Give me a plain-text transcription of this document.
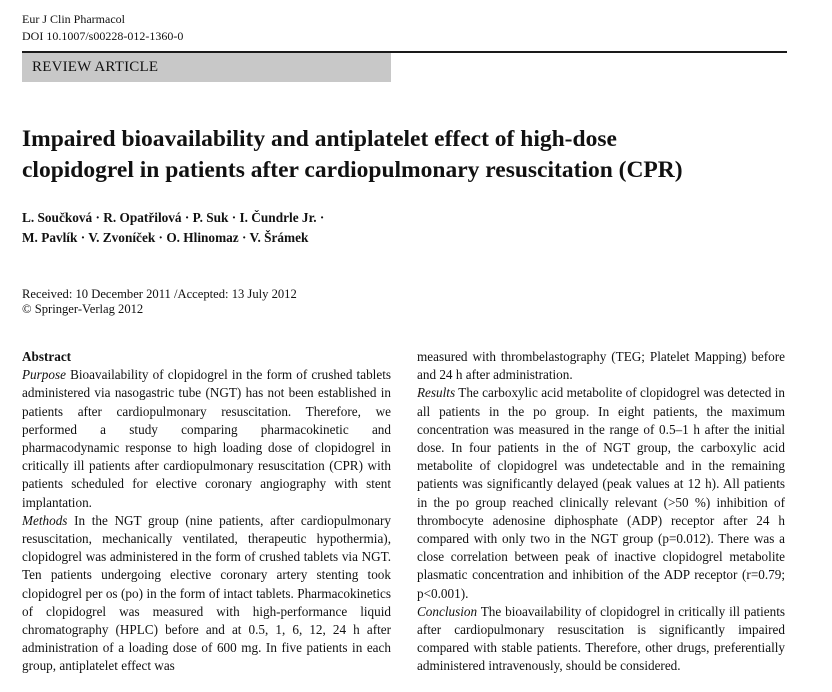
Eur J Clin Pharmacol
DOI 10.1007/s00228-012-1360-0
REVIEW ARTICLE
Impaired bioavailability and antiplatelet effect of high-dose
clopidogrel in patients after cardiopulmonary resuscitation (CPR)
L. Součková · R. Opatřilová · P. Suk · I. Čundrle Jr. ·
M. Pavlík · V. Zvoníček · O. Hlinomaz · V. Šrámek
Received: 10 December 2011 /Accepted: 13 July 2012
© Springer-Verlag 2012

Abstract

Purpose Bioavailability of clopidogrel in the form of crushed tablets administered via nasogastric tube (NGT) has not been established in patients after cardiopulmonary resuscitation. Therefore, we performed a study comparing pharmacokinetic and pharmacodynamic response to high loading dose of clopidogrel in critically ill patients after cardiopulmonary resuscitation (CPR) with patients scheduled for elective coronary angiography with stent implantation.

Methods In the NGT group (nine patients, after cardiopulmonary resuscitation, mechanically ventilated, therapeutic hypothermia), clopidogrel was administered in the form of crushed tablets via NGT. Ten patients undergoing elective coronary artery stenting took clopidogrel per os (po) in the form of intact tablets. Pharmacokinetics of clopidogrel was measured with high-performance liquid chromatography (HPLC) before and at 0.5, 1, 6, 12, 24 h after administration of a loading dose of 600 mg. In five patients in each group, antiplatelet effect was

measured with thrombelastography (TEG; Platelet Mapping) before and 24 h after administration.

Results The carboxylic acid metabolite of clopidogrel was detected in all patients in the po group. In eight patients, the maximum concentration was measured in the range of 0.5–1 h after the initial dose. In four patients in the of NGT group, the carboxylic acid metabolite of clopidogrel was undetectable and in the remaining patients was significantly delayed (peak values at 12 h). All patients in the po group reached clinically relevant (>50 %) inhibition of thrombocyte adenosine diphosphate (ADP) receptor after 24 h compared with only two in the NGT group (p=0.012). There was a close correlation between peak of inactive clopidogrel metabolite plasmatic concentration and inhibition of the ADP receptor (r=0.79; p<0.001).

Conclusion The bioavailability of clopidogrel in critically ill patients after cardiopulmonary resuscitation is significantly impaired compared with stable patients. Therefore, other drugs, preferentially administered intravenously, should be considered.
